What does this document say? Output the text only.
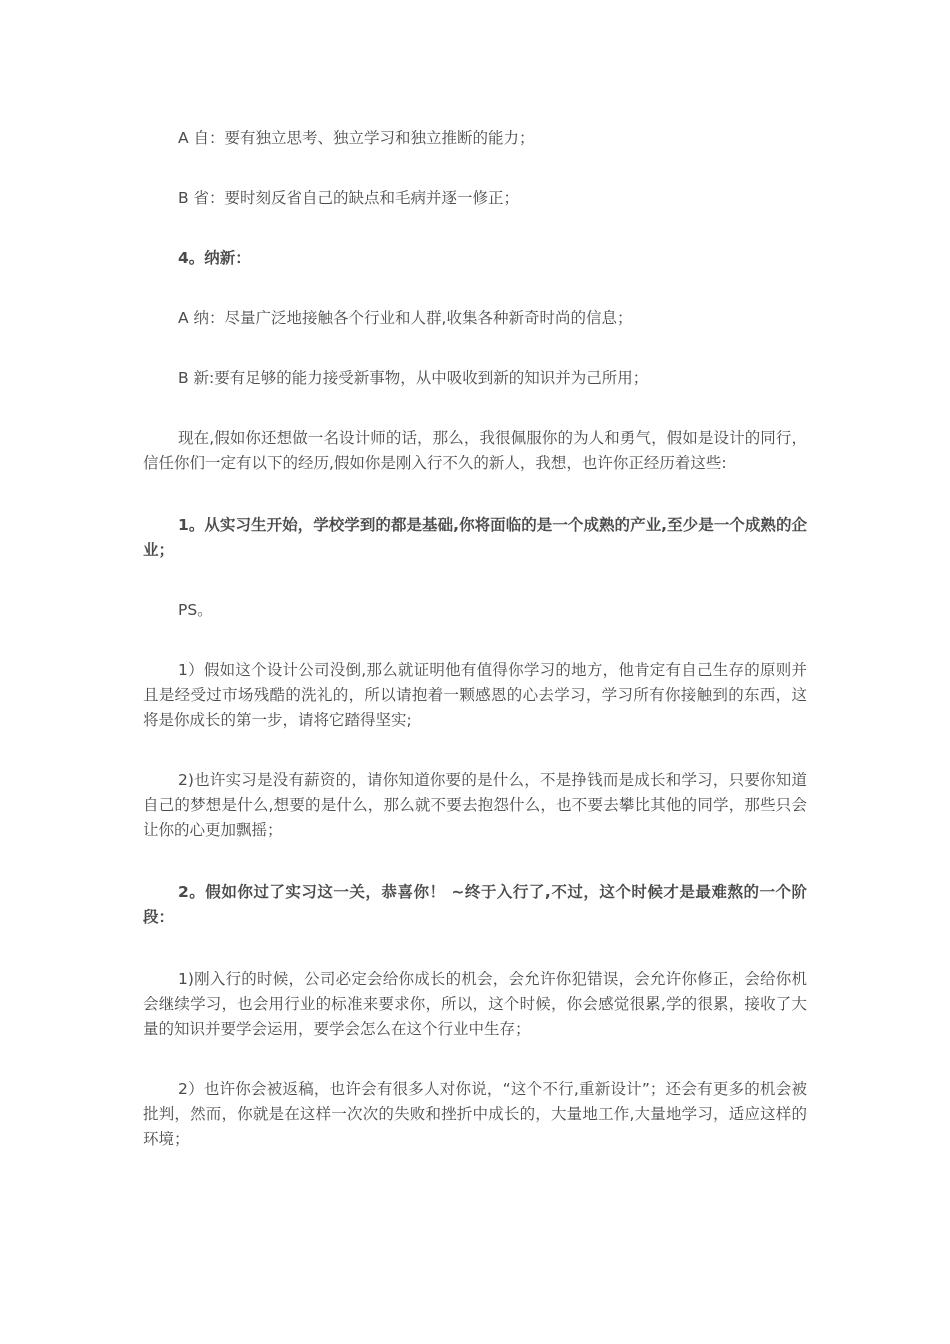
A 自：要有独立思考、独立学习和独立推断的能力；

B 省：要时刻反省自己的缺点和毛病并逐一修正；

4。纳新：

A 纳：尽量广泛地接触各个行业和人群,收集各种新奇时尚的信息；

B 新:要有足够的能力接受新事物，从中吸收到新的知识并为己所用；

现在,假如你还想做一名设计师的话，那么，我很佩服你的为人和勇气，假如是设计的同行，信任你们一定有以下的经历,假如你是刚入行不久的新人，我想，也许你正经历着这些:

1。从实习生开始，学校学到的都是基础,你将面临的是一个成熟的产业,至少是一个成熟的企业；

PS。

1）假如这个设计公司没倒,那么就证明他有值得你学习的地方，他肯定有自己生存的原则并且是经受过市场残酷的洗礼的，所以请抱着一颗感恩的心去学习，学习所有你接触到的东西，这将是你成长的第一步，请将它踏得坚实;

2)也许实习是没有薪资的，请你知道你要的是什么，不是挣钱而是成长和学习，只要你知道自己的梦想是什么,想要的是什么，那么就不要去抱怨什么，也不要去攀比其他的同学，那些只会让你的心更加飘摇；

2。假如你过了实习这一关，恭喜你！ ~终于入行了,不过，这个时候才是最难熬的一个阶段：

1)刚入行的时候，公司必定会给你成长的机会，会允许你犯错误，会允许你修正，会给你机会继续学习，也会用行业的标准来要求你，所以，这个时候，你会感觉很累,学的很累，接收了大量的知识并要学会运用，要学会怎么在这个行业中生存；

2）也许你会被返稿，也许会有很多人对你说，“这个不行,重新设计”；还会有更多的机会被批判，然而，你就是在这样一次次的失败和挫折中成长的，大量地工作,大量地学习，适应这样的环境；
